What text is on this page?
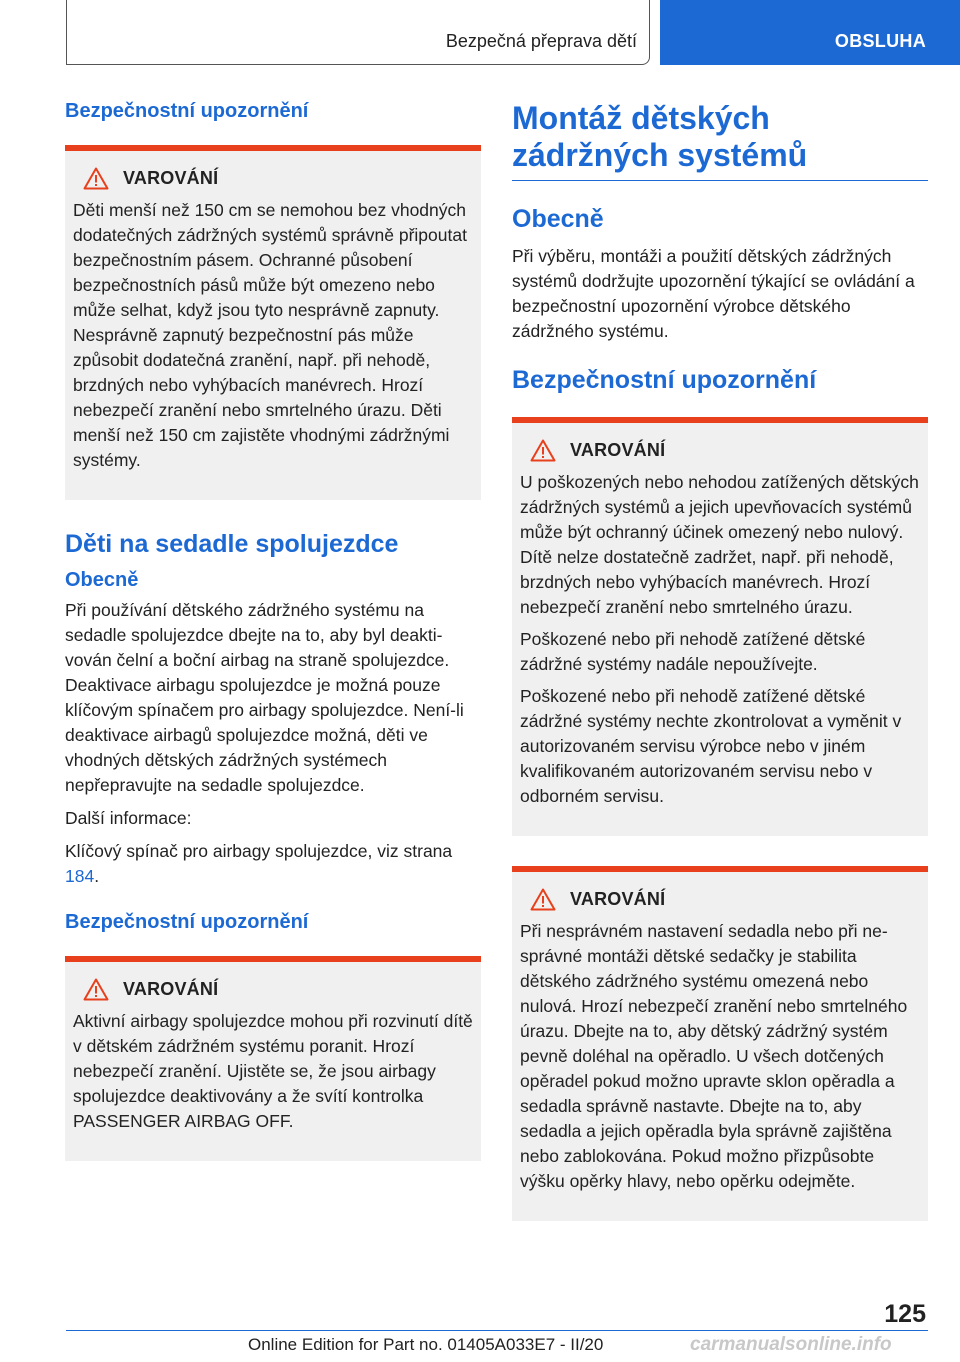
Bezpečná přeprava dětí	OBSLUHA
Bezpečnostní upozornění
VAROVÁNÍ

Děti menší než 150 cm se nemohou bez vhodných dodatečných zádržných systémů správně připoutat bezpečnostním pásem. Ochranné působení bezpečnostních pásů může být omezeno nebo může selhat, když jsou tyto nesprávně zapnuty. Nesprávně zapnutý bezpečnostní pás může způsobit dodatečná zranění, např. při nehodě, brzdných nebo vyhýbacích manévrech. Hrozí nebezpečí zranění nebo smrtelného úrazu. Děti menší než 150 cm zajistěte vhodnými zádržnými systémy.

Děti na sedadle spolujezdce
Obecně

Při používání dětského zádržného systému na sedadle spolujezdce dbejte na to, aby byl deaktivován čelní a boční airbag na straně spolujezdce. Deaktivace airbagu spolujezdce je možná pouze klíčovým spínačem pro airbagy spolujezdce. Není-li deaktivace airbagů spolujezdce možná, děti ve vhodných dětských zádržných systémech nepřepravujte na sedadle spolujezdce.

Další informace:

Klíčový spínač pro airbagy spolujezdce, viz strana 184.

Bezpečnostní upozornění
VAROVÁNÍ

Aktivní airbagy spolujezdce mohou při rozvinutí dítě v dětském zádržném systému poranit. Hrozí nebezpečí zranění. Ujistěte se, že jsou airbagy spolujezdce deaktivovány a že svítí kontrolka PASSENGER AIRBAG OFF.

Montáž dětských zádržných systémů
Obecně

Při výběru, montáži a použití dětských zádržných systémů dodržujte upozornění týkající se ovládání a bezpečnostní upozornění výrobce dětského zádržného systému.

Bezpečnostní upozornění
VAROVÁNÍ

U poškozených nebo nehodou zatížených dětských zádržných systémů a jejich upevňovacích systémů může být ochranný účinek omezený nebo nulový. Dítě nelze dostatečně zadržet, např. při nehodě, brzdných nebo vyhýbacích manévrech. Hrozí nebezpečí zranění nebo smrtelného úrazu.

Poškozené nebo při nehodě zatížené dětské zádržné systémy nadále nepoužívejte.

Poškozené nebo při nehodě zatížené dětské zádržné systémy nechte zkontrolovat a vyměnit v autorizovaném servisu výrobce nebo v jiném kvalifikovaném autorizovaném servisu nebo v odborném servisu.

VAROVÁNÍ

Při nesprávném nastavení sedadla nebo při nesprávné montáži dětské sedačky je stabilita dětského zádržného systému omezená nebo nulová. Hrozí nebezpečí zranění nebo smrtelného úrazu. Dbejte na to, aby dětský zádržný systém pevně doléhal na opěradlo. U všech dotčených opěradel pokud možno upravte sklon opěradla a sedadla správně nastavte. Dbejte na to, aby sedadla a jejich opěradla byla správně zajištěna nebo zablokována. Pokud možno přizpůsobte výšku opěrky hlavy, nebo opěrku odejměte.

125
Online Edition for Part no. 01405A033E7 - II/20	carmanualsonline.info
